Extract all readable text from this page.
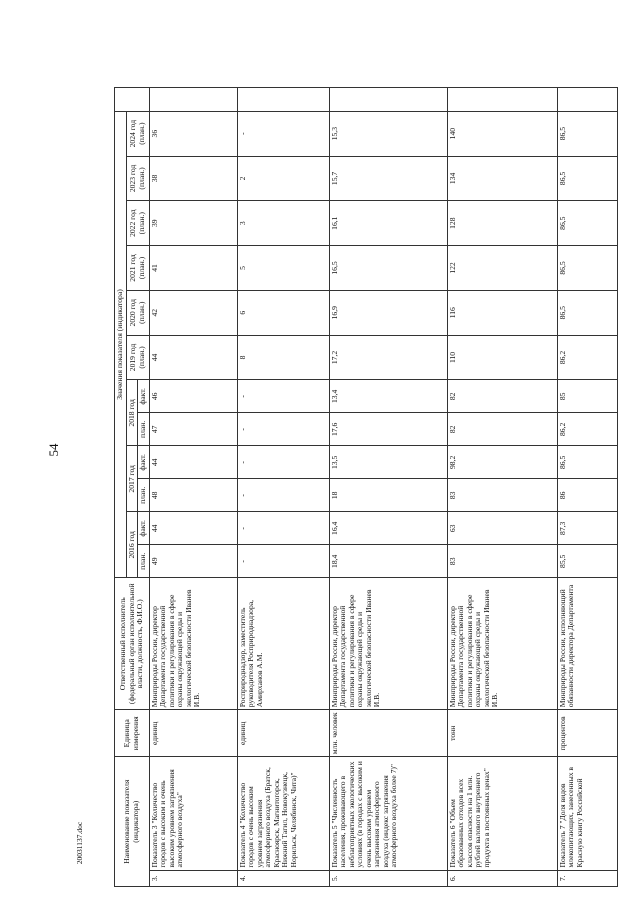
54
20031137.doc	Наименование показателя (индикатора)		Единица измерения	Ответственный исполнитель (федеральный орган исполнительной власти, должность, Ф.И.О.)	Значения показателя (индикатора)												
				2016 год		2017 год		2018 год		2019 год (план.)	2020 год (план.)	2021 год (план.)	2022 год (план.)	2023 год (план.)	2024 год (план.)	
				план.	факт.	план.	факт.	план.	факт.							
3.	Показатель 3 "Количество городов с высоким и очень высоким уровнем загрязнения атмосферного воздуха"	единиц	Минприроды России, директор Департамента государственной политики и регулирования в сфере охраны окружающей среды и экологической безопасности Иванев И.В.	49	44	48	44	47	46	44	42	41	39	38	36	
4.	Показатель 4 "Количество городов с очень высоким уровнем загрязнения атмосферного воздуха (Братск, Красноярск, Магнитогорск, Нижний Тагил, Новокузнецк, Норильск, Челябинск, Чита)"	единиц	Росприроднадзор, заместитель руководителя Росприроднадзора, Амирханов А.М.	-	-	-	-	-	-	8	6	5	3	2	-	
5.	Показатель 5 "Численность населения, проживающего в неблагоприятных экологических условиях (в городах с высоким и очень высоким уровнем загрязнения атмосферного воздуха (индекс загрязнения атмосферного воздуха более 7)"	млн. человек	Минприроды России, директор Департамента государственной политики и регулирования в сфере охраны окружающей среды и экологической безопасности Иванев И.В.	18,4	16,4	18	13,5	17,6	13,4	17,2	16,9	16,5	16,1	15,7	15,3	
6.	Показатель 6 "Объем образованных отходов всех классов опасности на 1 млн. рублей валового внутреннего продукта в постоянных ценах"	тонн	Минприроды России, директор Департамента государственной политики и регулирования в сфере охраны окружающей среды и экологической безопасности Иванев И.В.	83	63	83	98,2	82	82	110	116	122	128	134	140	
7.	Показатель 7 "Доля видов млекопитающих, занесенных в Красную книгу Российской	процентов	Минприроды России, исполняющий обязанности директора Департамента	85,5	87,3	86	86,5	86,2	85	86,2	86,5	86,5	86,5	86,5	86,5	
